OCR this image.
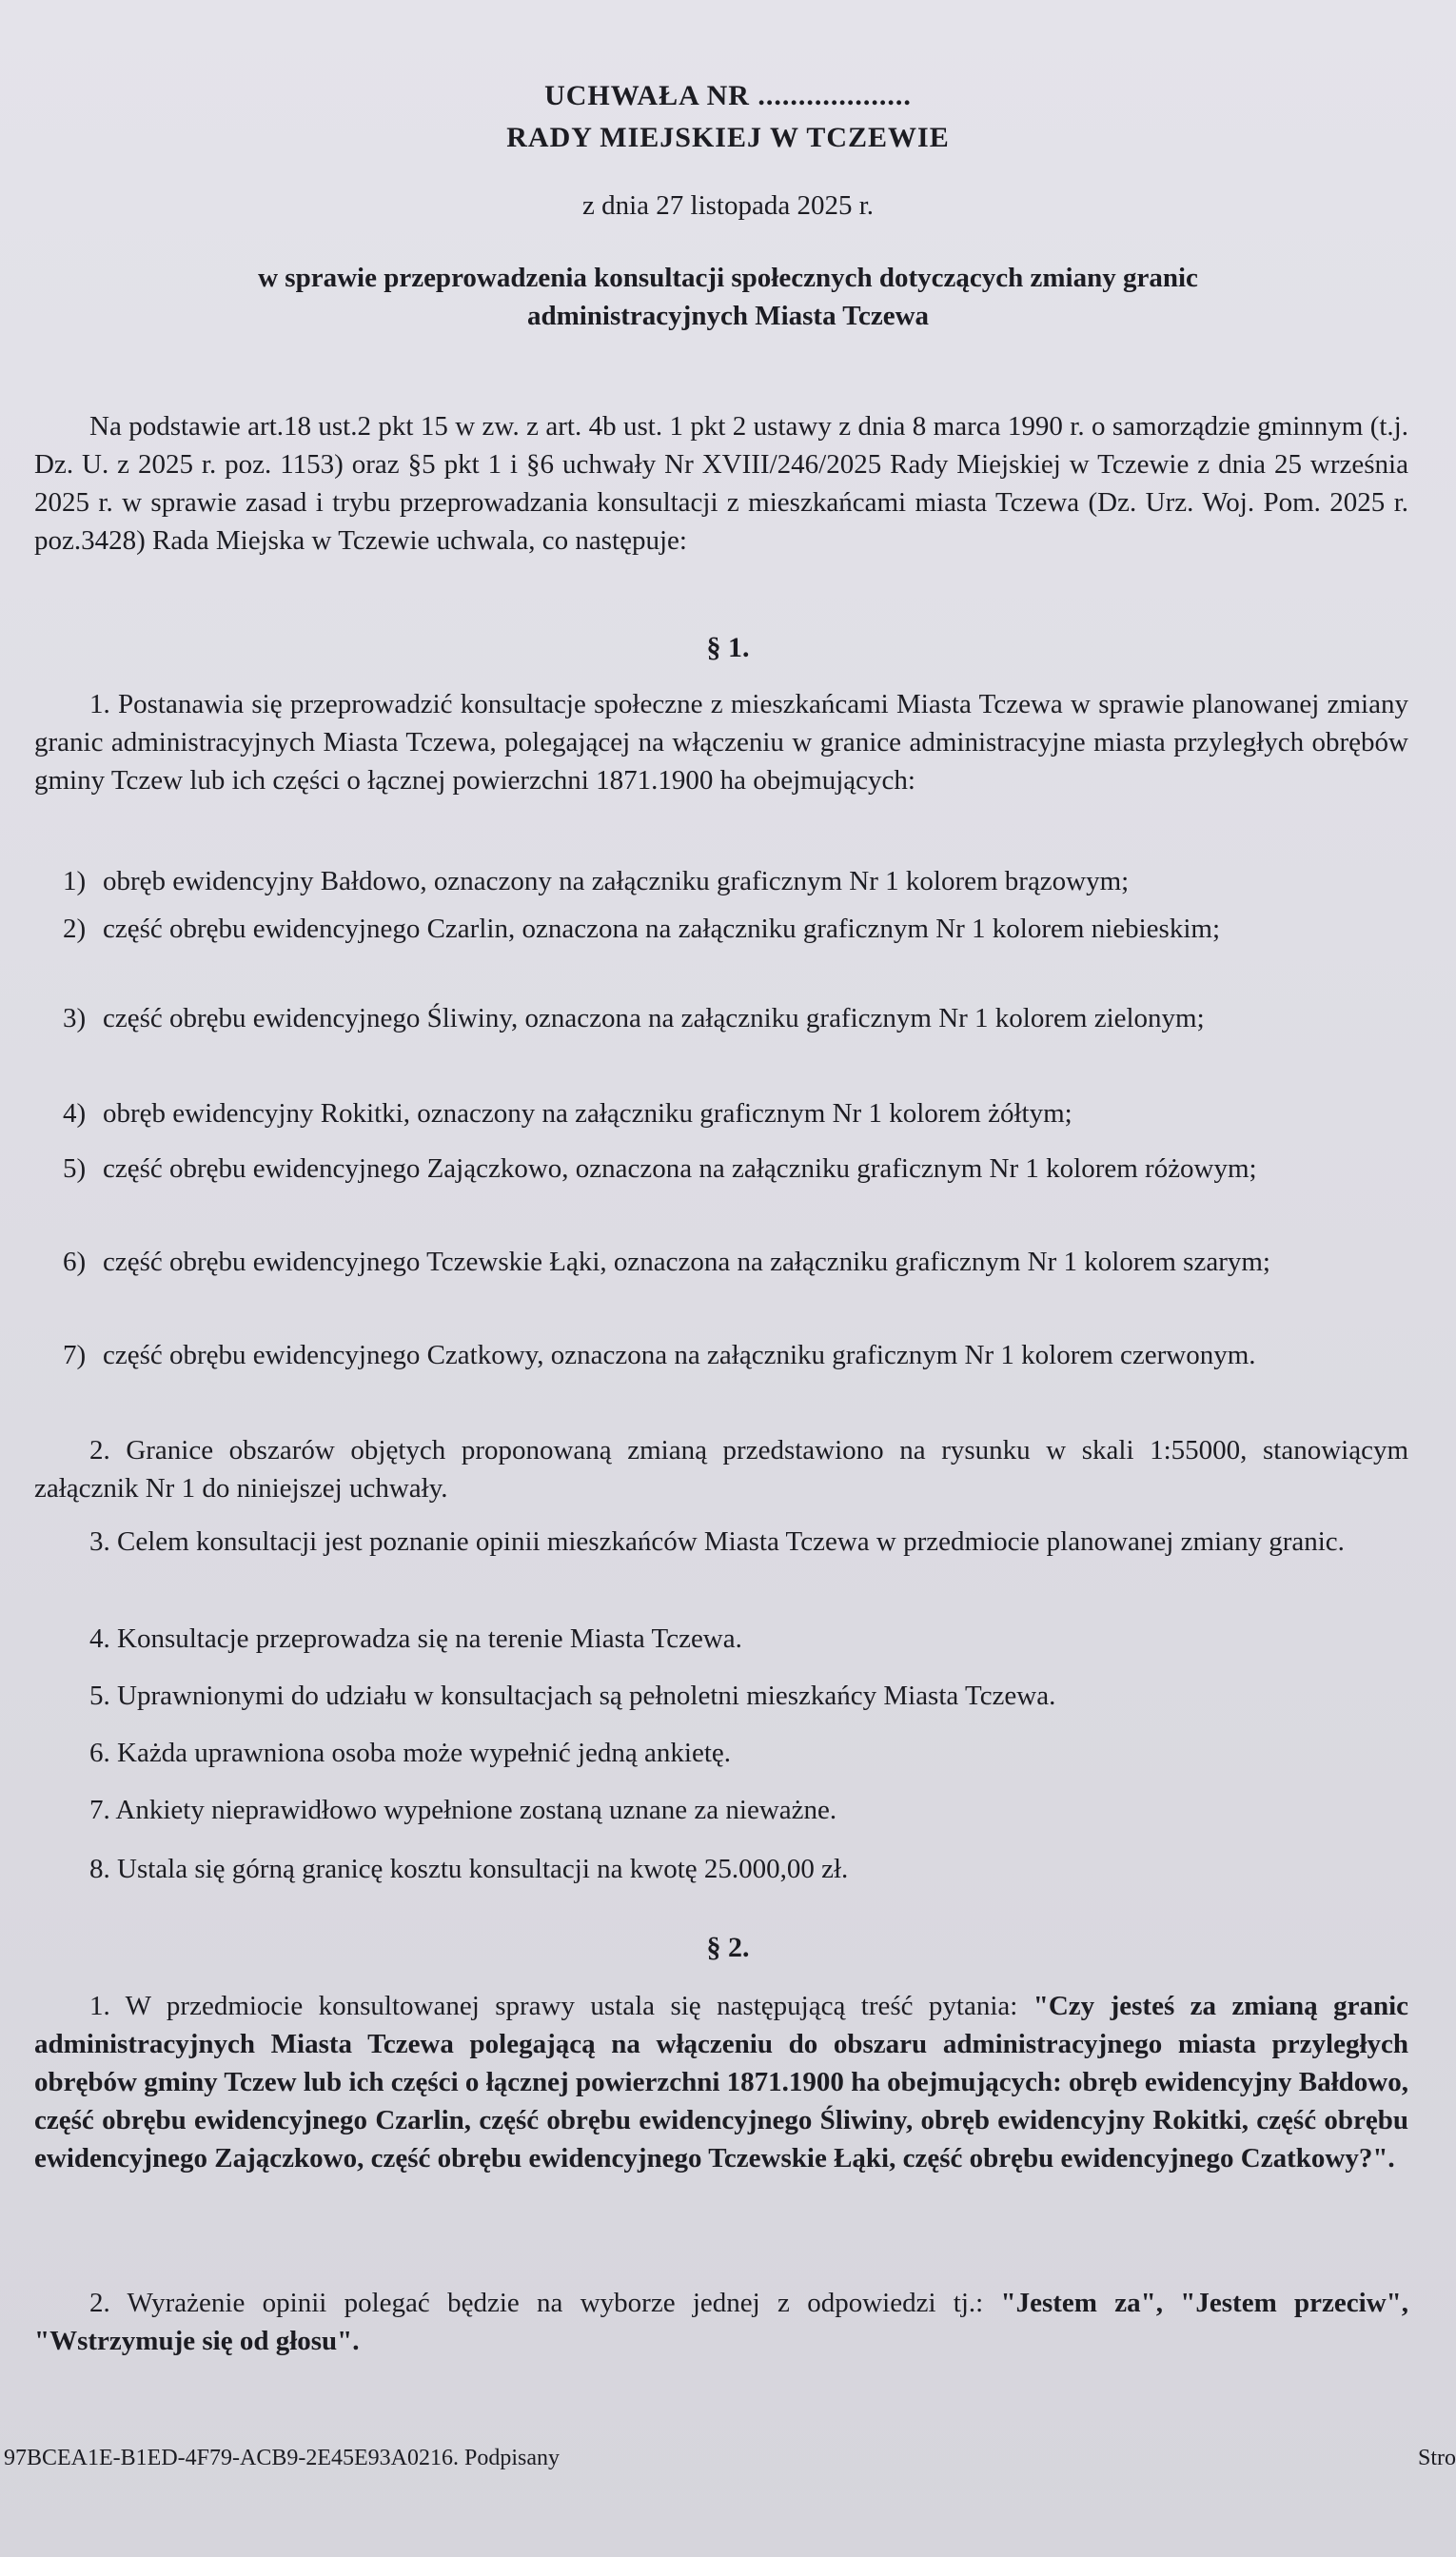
UCHWAŁA NR ...................
RADY MIEJSKIEJ W TCZEWIE
z dnia 27 listopada 2025 r.
w sprawie przeprowadzenia konsultacji społecznych dotyczących zmiany granic administracyjnych Miasta Tczewa
Na podstawie art.18 ust.2 pkt 15 w zw. z art. 4b ust. 1 pkt 2 ustawy z dnia 8 marca 1990 r. o samorządzie gminnym (t.j. Dz. U. z 2025 r. poz. 1153) oraz §5 pkt 1 i §6 uchwały Nr XVIII/246/2025 Rady Miejskiej w Tczewie z dnia 25 września 2025 r. w sprawie zasad i trybu przeprowadzania konsultacji z mieszkańcami miasta Tczewa (Dz. Urz. Woj. Pom. 2025 r. poz.3428) Rada Miejska w Tczewie uchwala, co następuje:
§ 1.
1. Postanawia się przeprowadzić konsultacje społeczne z mieszkańcami Miasta Tczewa w sprawie planowanej zmiany granic administracyjnych Miasta Tczewa, polegającej na włączeniu w granice administracyjne miasta przyległych obrębów gminy Tczew lub ich części o łącznej powierzchni 1871.1900 ha obejmujących:
1) obręb ewidencyjny Bałdowo, oznaczony na załączniku graficznym Nr 1 kolorem brązowym;
2) część obrębu ewidencyjnego Czarlin, oznaczona na załączniku graficznym Nr 1 kolorem niebieskim;
3) część obrębu ewidencyjnego Śliwiny, oznaczona na załączniku graficznym Nr 1 kolorem zielonym;
4) obręb ewidencyjny Rokitki, oznaczony na załączniku graficznym Nr 1 kolorem żółtym;
5) część obrębu ewidencyjnego Zajączkowo, oznaczona na załączniku graficznym Nr 1 kolorem różowym;
6) część obrębu ewidencyjnego Tczewskie Łąki, oznaczona na załączniku graficznym Nr 1 kolorem szarym;
7) część obrębu ewidencyjnego Czatkowy, oznaczona na załączniku graficznym Nr 1 kolorem czerwonym.
2. Granice obszarów objętych proponowaną zmianą przedstawiono na rysunku w skali 1:55000, stanowiącym załącznik Nr 1 do niniejszej uchwały.
3. Celem konsultacji jest poznanie opinii mieszkańców Miasta Tczewa w przedmiocie planowanej zmiany granic.
4. Konsultacje przeprowadza się na terenie Miasta Tczewa.
5. Uprawnionymi do udziału w konsultacjach są pełnoletni mieszkańcy Miasta Tczewa.
6. Każda uprawniona osoba może wypełnić jedną ankietę.
7. Ankiety nieprawidłowo wypełnione zostaną uznane za nieważne.
8. Ustala się górną granicę kosztu konsultacji na kwotę 25.000,00 zł.
§ 2.
1. W przedmiocie konsultowanej sprawy ustala się następującą treść pytania: "Czy jesteś za zmianą granic administracyjnych Miasta Tczewa polegającą na włączeniu do obszaru administracyjnego miasta przyległych obrębów gminy Tczew lub ich części o łącznej powierzchni 1871.1900 ha obejmujących: obręb ewidencyjny Bałdowo, część obrębu ewidencyjnego Czarlin, część obrębu ewidencyjnego Śliwiny, obręb ewidencyjny Rokitki, część obrębu ewidencyjnego Zajączkowo, część obrębu ewidencyjnego Tczewskie Łąki, część obrębu ewidencyjnego Czatkowy?".
2. Wyrażenie opinii polegać będzie na wyborze jednej z odpowiedzi tj.: "Jestem za", "Jestem przeciw", "Wstrzymuje się od głosu".
97BCEA1E-B1ED-4F79-ACB9-2E45E93A0216. Podpisany	Stro
